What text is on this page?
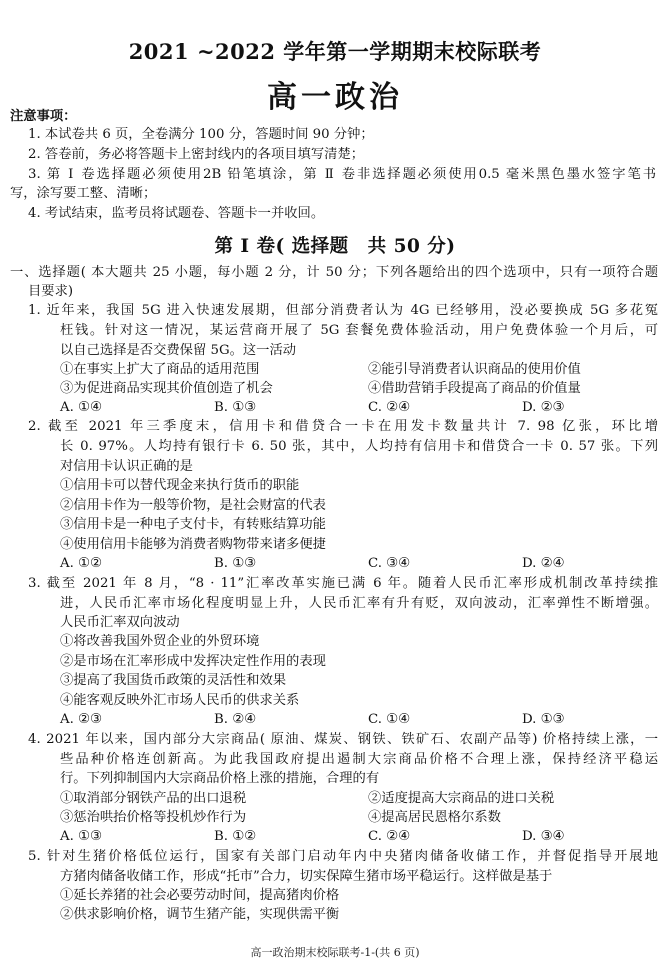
2021 ~2022 学年第一学期期末校际联考
高一政治
注意事项：
1. 本试卷共 6 页，全卷满分 100 分，答题时间 90 分钟；
2. 答卷前，务必将答题卡上密封线内的各项目填写清楚；
3. 第 Ⅰ 卷选择题必须使用2B 铅笔填涂，第 Ⅱ 卷非选择题必须使用0.5 毫米黑色墨水签字笔书
写，涂写要工整、清晰；
4. 考试结束，监考员将试题卷、答题卡一并收回。
第 Ⅰ 卷( 选择题　共 50 分)
一、选择题( 本大题共 25 小题，每小题 2 分，计 50 分；下列各题给出的四个选项中，只有一项符合题
目要求)
1. 近年来，我国 5G 进入快速发展期，但部分消费者认为 4G 已经够用，没必要换成 5G 多花冤
枉钱。针对这一情况，某运营商开展了 5G 套餐免费体验活动，用户免费体验一个月后，可
以自己选择是否交费保留 5G。这一活动
①在事实上扩大了商品的适用范围	②能引导消费者认识商品的使用价值
③为促进商品实现其价值创造了机会	④借助营销手段提高了商品的价值量
A. ①④	B. ①③	C. ②④	D. ②③
2. 截至 2021 年三季度末，信用卡和借贷合一卡在用发卡数量共计 7. 98 亿张，环比增
长 0. 97%。人均持有银行卡 6. 50 张，其中，人均持有信用卡和借贷合一卡 0. 57 张。下列
对信用卡认识正确的是
①信用卡可以替代现金来执行货币的职能
②信用卡作为一般等价物，是社会财富的代表
③信用卡是一种电子支付卡，有转账结算功能
④使用信用卡能够为消费者购物带来诸多便捷
A. ①②	B. ①③	C. ③④	D. ②④
3. 截至 2021 年 8 月，“8 · 11”汇率改革实施已满 6 年。随着人民币汇率形成机制改革持续推
进，人民币汇率市场化程度明显上升，人民币汇率有升有贬，双向波动，汇率弹性不断增强。
人民币汇率双向波动
①将改善我国外贸企业的外贸环境
②是市场在汇率形成中发挥决定性作用的表现
③提高了我国货币政策的灵活性和效果
④能客观反映外汇市场人民币的供求关系
A. ②③	B. ②④	C. ①④	D. ①③
4. 2021 年以来，国内部分大宗商品( 原油、煤炭、钢铁、铁矿石、农副产品等) 价格持续上涨，一
些品种价格连创新高。为此我国政府提出遏制大宗商品价格不合理上涨，保持经济平稳运
行。下列抑制国内大宗商品价格上涨的措施，合理的有
①取消部分钢铁产品的出口退税	②适度提高大宗商品的进口关税
③惩治哄抬价格等投机炒作行为	④提高居民恩格尔系数
A. ①③	B. ①②	C. ②④	D. ③④
5. 针对生猪价格低位运行，国家有关部门启动年内中央猪肉储备收储工作，并督促指导开展地
方猪肉储备收储工作，形成“托市”合力，切实保障生猪市场平稳运行。这样做是基于
①延长养猪的社会必要劳动时间，提高猪肉价格
②供求影响价格，调节生猪产能，实现供需平衡
高一政治期末校际联考-1-(共 6 页)
